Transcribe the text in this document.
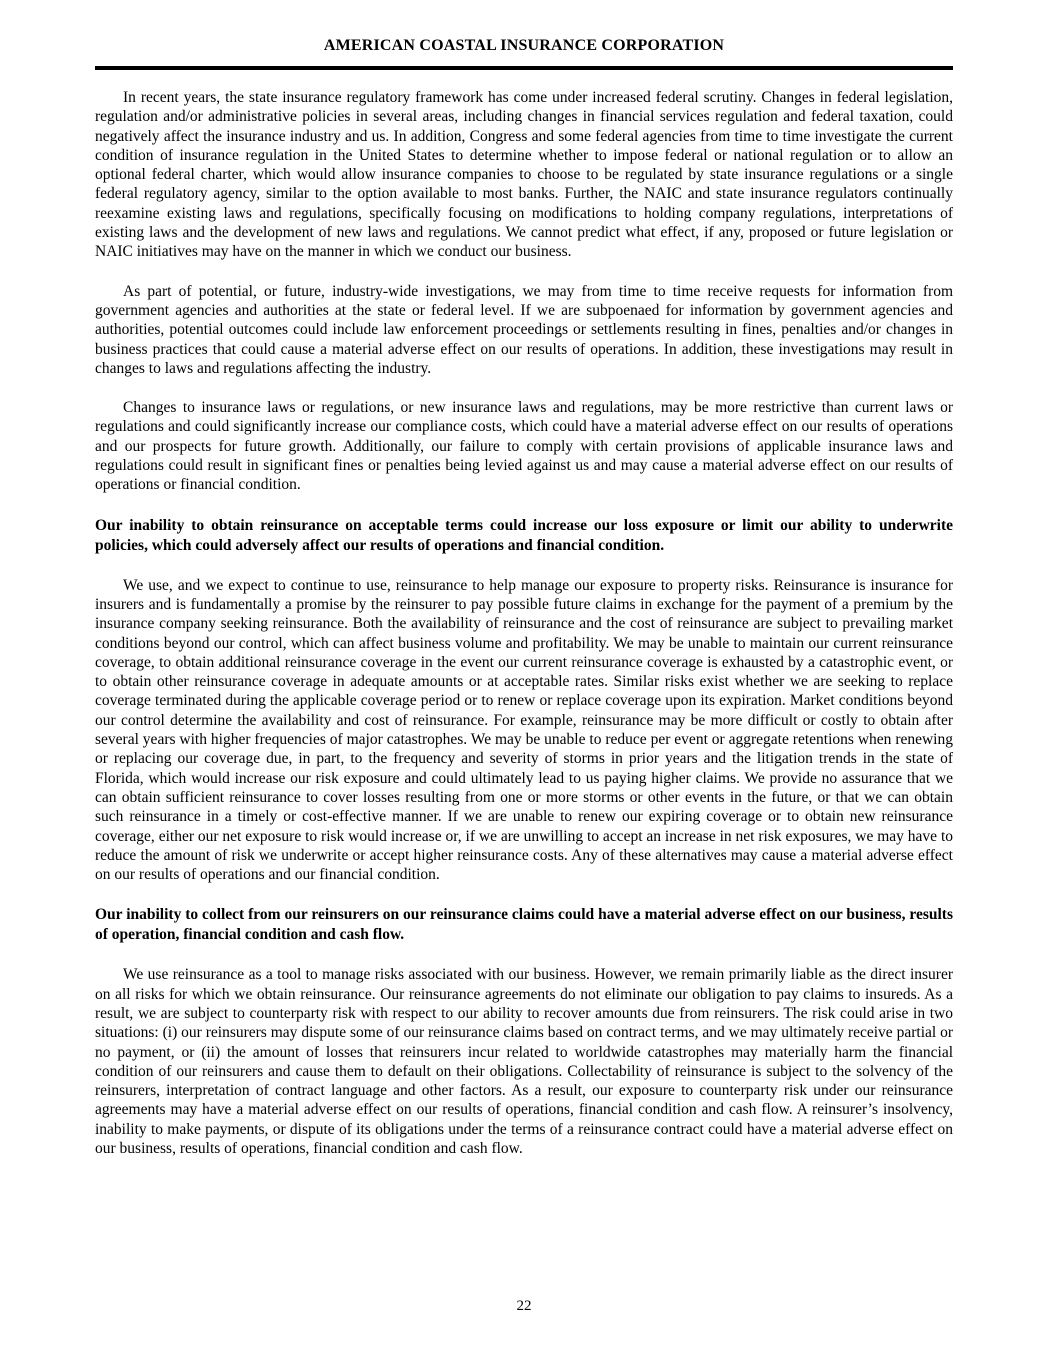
AMERICAN COASTAL INSURANCE CORPORATION

In recent years, the state insurance regulatory framework has come under increased federal scrutiny. Changes in federal legislation, regulation and/or administrative policies in several areas, including changes in financial services regulation and federal taxation, could negatively affect the insurance industry and us. In addition, Congress and some federal agencies from time to time investigate the current condition of insurance regulation in the United States to determine whether to impose federal or national regulation or to allow an optional federal charter, which would allow insurance companies to choose to be regulated by state insurance regulations or a single federal regulatory agency, similar to the option available to most banks. Further, the NAIC and state insurance regulators continually reexamine existing laws and regulations, specifically focusing on modifications to holding company regulations, interpretations of existing laws and the development of new laws and regulations. We cannot predict what effect, if any, proposed or future legislation or NAIC initiatives may have on the manner in which we conduct our business.

As part of potential, or future, industry-wide investigations, we may from time to time receive requests for information from government agencies and authorities at the state or federal level. If we are subpoenaed for information by government agencies and authorities, potential outcomes could include law enforcement proceedings or settlements resulting in fines, penalties and/or changes in business practices that could cause a material adverse effect on our results of operations. In addition, these investigations may result in changes to laws and regulations affecting the industry.

Changes to insurance laws or regulations, or new insurance laws and regulations, may be more restrictive than current laws or regulations and could significantly increase our compliance costs, which could have a material adverse effect on our results of operations and our prospects for future growth. Additionally, our failure to comply with certain provisions of applicable insurance laws and regulations could result in significant fines or penalties being levied against us and may cause a material adverse effect on our results of operations or financial condition.

Our inability to obtain reinsurance on acceptable terms could increase our loss exposure or limit our ability to underwrite policies, which could adversely affect our results of operations and financial condition.

We use, and we expect to continue to use, reinsurance to help manage our exposure to property risks. Reinsurance is insurance for insurers and is fundamentally a promise by the reinsurer to pay possible future claims in exchange for the payment of a premium by the insurance company seeking reinsurance. Both the availability of reinsurance and the cost of reinsurance are subject to prevailing market conditions beyond our control, which can affect business volume and profitability. We may be unable to maintain our current reinsurance coverage, to obtain additional reinsurance coverage in the event our current reinsurance coverage is exhausted by a catastrophic event, or to obtain other reinsurance coverage in adequate amounts or at acceptable rates. Similar risks exist whether we are seeking to replace coverage terminated during the applicable coverage period or to renew or replace coverage upon its expiration. Market conditions beyond our control determine the availability and cost of reinsurance. For example, reinsurance may be more difficult or costly to obtain after several years with higher frequencies of major catastrophes. We may be unable to reduce per event or aggregate retentions when renewing or replacing our coverage due, in part, to the frequency and severity of storms in prior years and the litigation trends in the state of Florida, which would increase our risk exposure and could ultimately lead to us paying higher claims. We provide no assurance that we can obtain sufficient reinsurance to cover losses resulting from one or more storms or other events in the future, or that we can obtain such reinsurance in a timely or cost-effective manner. If we are unable to renew our expiring coverage or to obtain new reinsurance coverage, either our net exposure to risk would increase or, if we are unwilling to accept an increase in net risk exposures, we may have to reduce the amount of risk we underwrite or accept higher reinsurance costs. Any of these alternatives may cause a material adverse effect on our results of operations and our financial condition.

Our inability to collect from our reinsurers on our reinsurance claims could have a material adverse effect on our business, results of operation, financial condition and cash flow.

We use reinsurance as a tool to manage risks associated with our business. However, we remain primarily liable as the direct insurer on all risks for which we obtain reinsurance. Our reinsurance agreements do not eliminate our obligation to pay claims to insureds. As a result, we are subject to counterparty risk with respect to our ability to recover amounts due from reinsurers. The risk could arise in two situations: (i) our reinsurers may dispute some of our reinsurance claims based on contract terms, and we may ultimately receive partial or no payment, or (ii) the amount of losses that reinsurers incur related to worldwide catastrophes may materially harm the financial condition of our reinsurers and cause them to default on their obligations. Collectability of reinsurance is subject to the solvency of the reinsurers, interpretation of contract language and other factors. As a result, our exposure to counterparty risk under our reinsurance agreements may have a material adverse effect on our results of operations, financial condition and cash flow. A reinsurer’s insolvency, inability to make payments, or dispute of its obligations under the terms of a reinsurance contract could have a material adverse effect on our business, results of operations, financial condition and cash flow.

22
